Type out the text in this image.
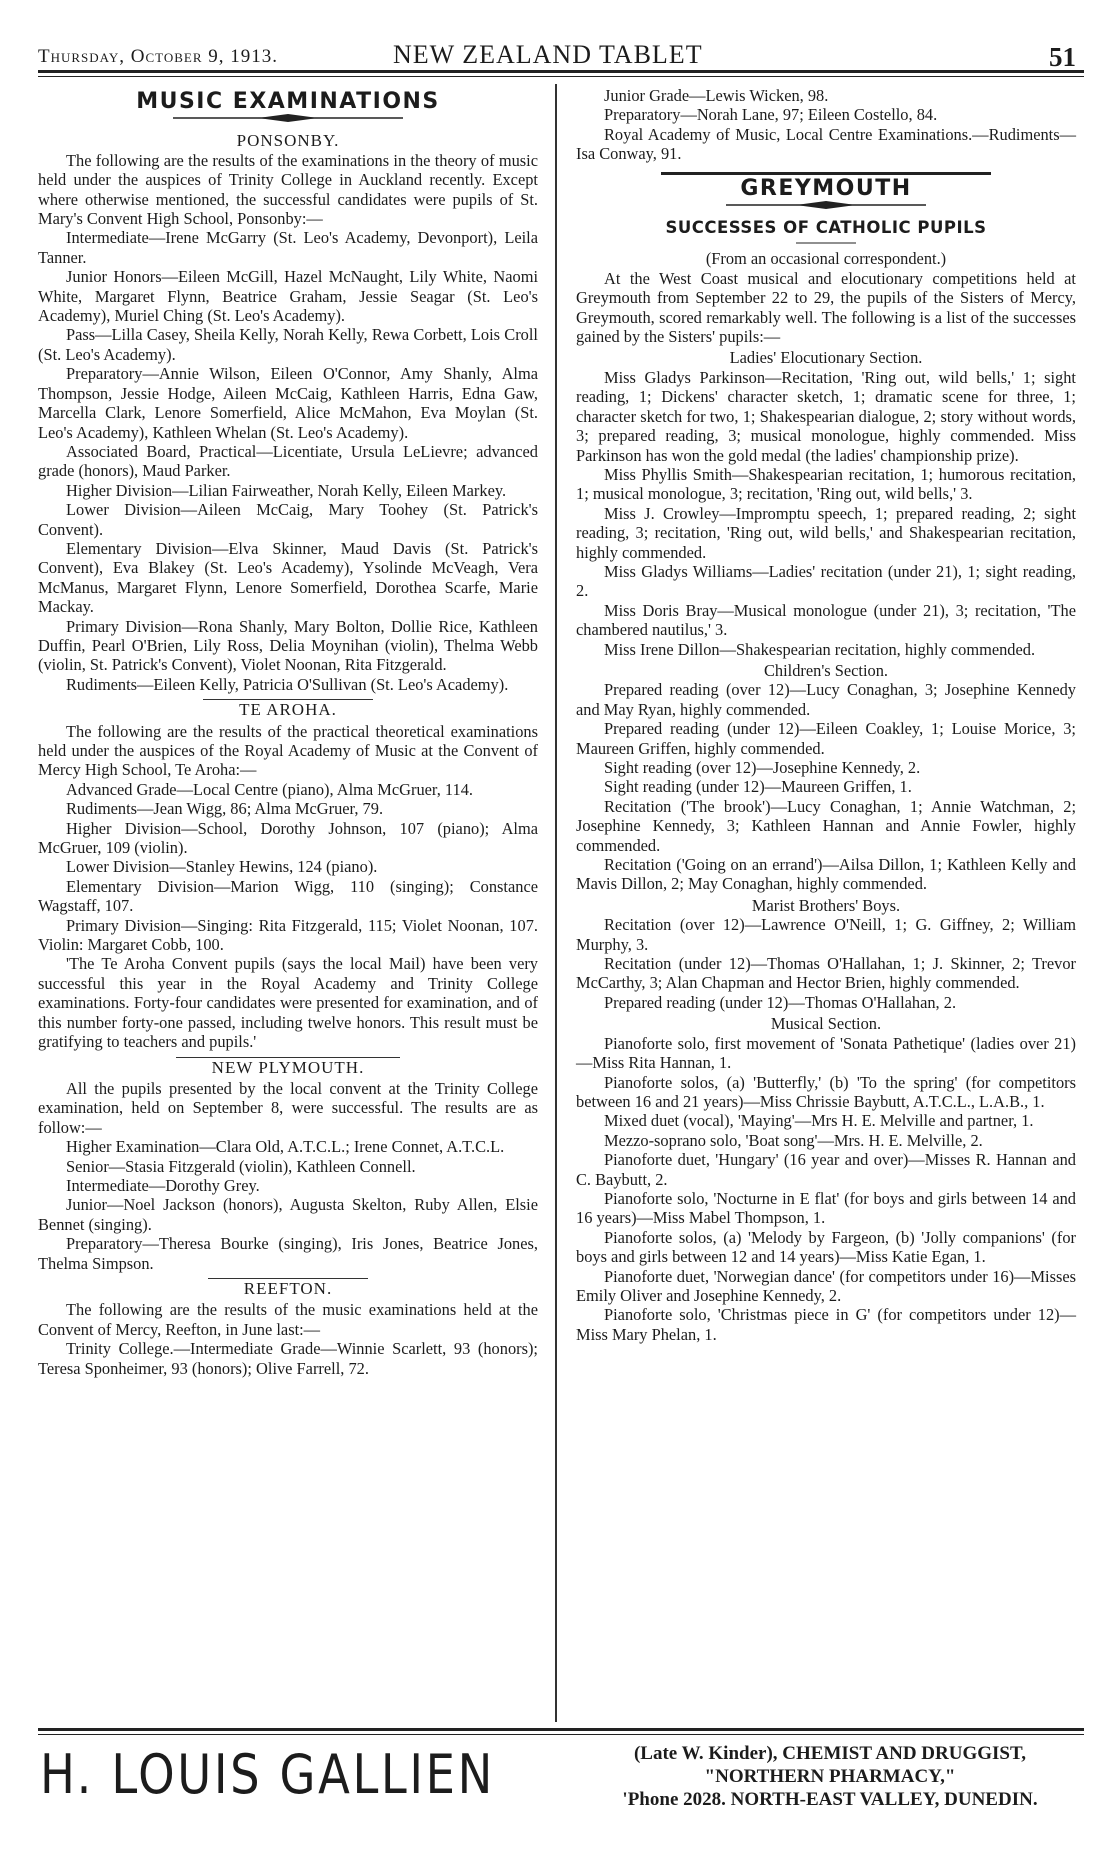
Thursday, October 9, 1913.	NEW ZEALAND TABLET	51
MUSIC EXAMINATIONS
PONSONBY.

The following are the results of the examinations in the theory of music held under the auspices of Trinity College in Auckland recently. Except where otherwise mentioned, the successful candidates were pupils of St. Mary's Convent High School, Ponsonby:—

Intermediate—Irene McGarry (St. Leo's Academy, Devonport), Leila Tanner.

Junior Honors—Eileen McGill, Hazel McNaught, Lily White, Naomi White, Margaret Flynn, Beatrice Graham, Jessie Seagar (St. Leo's Academy), Muriel Ching (St. Leo's Academy).

Pass—Lilla Casey, Sheila Kelly, Norah Kelly, Rewa Corbett, Lois Croll (St. Leo's Academy).

Preparatory—Annie Wilson, Eileen O'Connor, Amy Shanly, Alma Thompson, Jessie Hodge, Aileen McCaig, Kathleen Harris, Edna Gaw, Marcella Clark, Lenore Somerfield, Alice McMahon, Eva Moylan (St. Leo's Academy), Kathleen Whelan (St. Leo's Academy).

Associated Board, Practical—Licentiate, Ursula LeLievre; advanced grade (honors), Maud Parker.

Higher Division—Lilian Fairweather, Norah Kelly, Eileen Markey.

Lower Division—Aileen McCaig, Mary Toohey (St. Patrick's Convent).

Elementary Division—Elva Skinner, Maud Davis (St. Patrick's Convent), Eva Blakey (St. Leo's Academy), Ysolinde McVeagh, Vera McManus, Margaret Flynn, Lenore Somerfield, Dorothea Scarfe, Marie Mackay.

Primary Division—Rona Shanly, Mary Bolton, Dollie Rice, Kathleen Duffin, Pearl O'Brien, Lily Ross, Delia Moynihan (violin), Thelma Webb (violin, St. Patrick's Convent), Violet Noonan, Rita Fitzgerald.

Rudiments—Eileen Kelly, Patricia O'Sullivan (St. Leo's Academy).

TE AROHA.

The following are the results of the practical theoretical examinations held under the auspices of the Royal Academy of Music at the Convent of Mercy High School, Te Aroha:—

Advanced Grade—Local Centre (piano), Alma McGruer, 114.

Rudiments—Jean Wigg, 86; Alma McGruer, 79.

Higher Division—School, Dorothy Johnson, 107 (piano); Alma McGruer, 109 (violin).

Lower Division—Stanley Hewins, 124 (piano).

Elementary Division—Marion Wigg, 110 (singing); Constance Wagstaff, 107.

Primary Division—Singing: Rita Fitzgerald, 115; Violet Noonan, 107. Violin: Margaret Cobb, 100.

'The Te Aroha Convent pupils (says the local Mail) have been very successful this year in the Royal Academy and Trinity College examinations. Forty-four candidates were presented for examination, and of this number forty-one passed, including twelve honors. This result must be gratifying to teachers and pupils.'

NEW PLYMOUTH.

All the pupils presented by the local convent at the Trinity College examination, held on September 8, were successful. The results are as follow:—

Higher Examination—Clara Old, A.T.C.L.; Irene Connet, A.T.C.L.

Senior—Stasia Fitzgerald (violin), Kathleen Connell.

Intermediate—Dorothy Grey.

Junior—Noel Jackson (honors), Augusta Skelton, Ruby Allen, Elsie Bennet (singing).

Preparatory—Theresa Bourke (singing), Iris Jones, Beatrice Jones, Thelma Simpson.

REEFTON.

The following are the results of the music examinations held at the Convent of Mercy, Reefton, in June last:—

Trinity College.—Intermediate Grade—Winnie Scarlett, 93 (honors); Teresa Sponheimer, 93 (honors); Olive Farrell, 72.

Junior Grade—Lewis Wicken, 98.

Preparatory—Norah Lane, 97; Eileen Costello, 84.

Royal Academy of Music, Local Centre Examinations.—Rudiments—Isa Conway, 91.

GREYMOUTH
SUCCESSES OF CATHOLIC PUPILS

(From an occasional correspondent.)

At the West Coast musical and elocutionary competitions held at Greymouth from September 22 to 29, the pupils of the Sisters of Mercy, Greymouth, scored remarkably well. The following is a list of the successes gained by the Sisters' pupils:—

Ladies' Elocutionary Section.

Miss Gladys Parkinson—Recitation, 'Ring out, wild bells,' 1; sight reading, 1; Dickens' character sketch, 1; dramatic scene for three, 1; character sketch for two, 1; Shakespearian dialogue, 2; story without words, 3; prepared reading, 3; musical monologue, highly commended. Miss Parkinson has won the gold medal (the ladies' championship prize).

Miss Phyllis Smith—Shakespearian recitation, 1; humorous recitation, 1; musical monologue, 3; recitation, 'Ring out, wild bells,' 3.

Miss J. Crowley—Impromptu speech, 1; prepared reading, 2; sight reading, 3; recitation, 'Ring out, wild bells,' and Shakespearian recitation, highly commended.

Miss Gladys Williams—Ladies' recitation (under 21), 1; sight reading, 2.

Miss Doris Bray—Musical monologue (under 21), 3; recitation, 'The chambered nautilus,' 3.

Miss Irene Dillon—Shakespearian recitation, highly commended.

Children's Section.

Prepared reading (over 12)—Lucy Conaghan, 3; Josephine Kennedy and May Ryan, highly commended.

Prepared reading (under 12)—Eileen Coakley, 1; Louise Morice, 3; Maureen Griffen, highly commended.

Sight reading (over 12)—Josephine Kennedy, 2.

Sight reading (under 12)—Maureen Griffen, 1.

Recitation ('The brook')—Lucy Conaghan, 1; Annie Watchman, 2; Josephine Kennedy, 3; Kathleen Hannan and Annie Fowler, highly commended.

Recitation ('Going on an errand')—Ailsa Dillon, 1; Kathleen Kelly and Mavis Dillon, 2; May Conaghan, highly commended.

Marist Brothers' Boys.

Recitation (over 12)—Lawrence O'Neill, 1; G. Giffney, 2; William Murphy, 3.

Recitation (under 12)—Thomas O'Hallahan, 1; J. Skinner, 2; Trevor McCarthy, 3; Alan Chapman and Hector Brien, highly commended.

Prepared reading (under 12)—Thomas O'Hallahan, 2.

Musical Section.

Pianoforte solo, first movement of 'Sonata Pathetique' (ladies over 21)—Miss Rita Hannan, 1.

Pianoforte solos, (a) 'Butterfly,' (b) 'To the spring' (for competitors between 16 and 21 years)—Miss Chrissie Baybutt, A.T.C.L., L.A.B., 1.

Mixed duet (vocal), 'Maying'—Mrs H. E. Melville and partner, 1.

Mezzo-soprano solo, 'Boat song'—Mrs. H. E. Melville, 2.

Pianoforte duet, 'Hungary' (16 year and over)—Misses R. Hannan and C. Baybutt, 2.

Pianoforte solo, 'Nocturne in E flat' (for boys and girls between 14 and 16 years)—Miss Mabel Thompson, 1.

Pianoforte solos, (a) 'Melody by Fargeon, (b) 'Jolly companions' (for boys and girls between 12 and 14 years)—Miss Katie Egan, 1.

Pianoforte duet, 'Norwegian dance' (for competitors under 16)—Misses Emily Oliver and Josephine Kennedy, 2.

Pianoforte solo, 'Christmas piece in G' (for competitors under 12)—Miss Mary Phelan, 1.

H. LOUIS GALLIEN	(Late W. Kinder), CHEMIST AND DRUGGIST,
"NORTHERN PHARMACY,"
'Phone 2028. NORTH-EAST VALLEY, DUNEDIN.
